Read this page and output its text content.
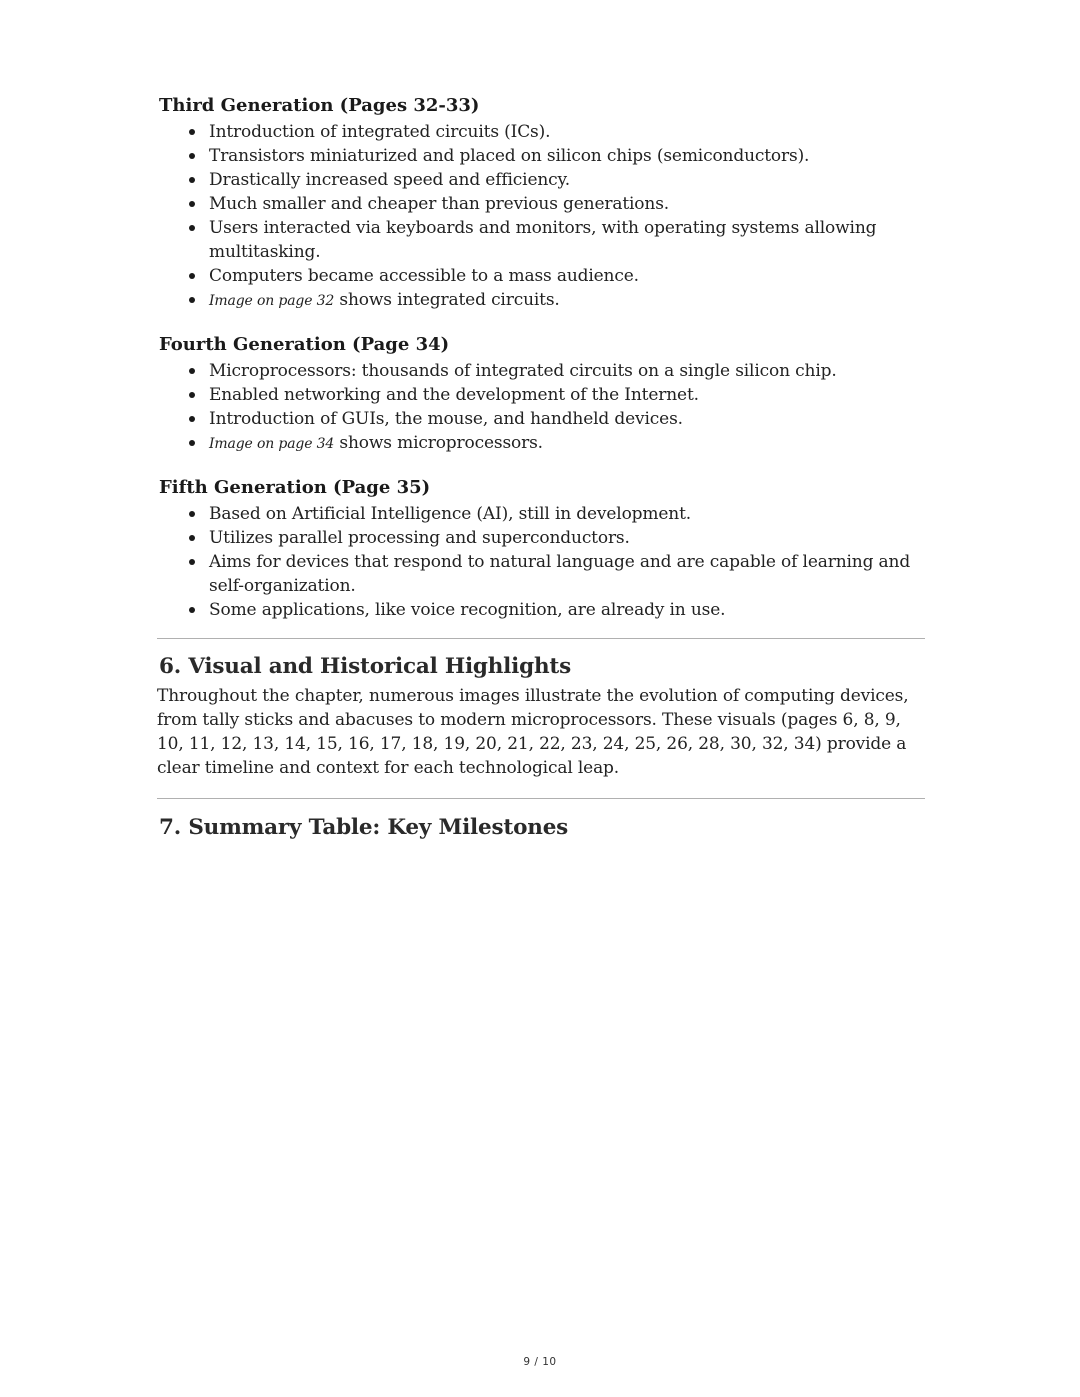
Third Generation (Pages 32-33)
Introduction of integrated circuits (ICs).
Transistors miniaturized and placed on silicon chips (semiconductors).
Drastically increased speed and efficiency.
Much smaller and cheaper than previous generations.
Users interacted via keyboards and monitors, with operating systems allowing multitasking.
Computers became accessible to a mass audience.
Image on page 32 shows integrated circuits.
Fourth Generation (Page 34)
Microprocessors: thousands of integrated circuits on a single silicon chip.
Enabled networking and the development of the Internet.
Introduction of GUIs, the mouse, and handheld devices.
Image on page 34 shows microprocessors.
Fifth Generation (Page 35)
Based on Artificial Intelligence (AI), still in development.
Utilizes parallel processing and superconductors.
Aims for devices that respond to natural language and are capable of learning and self-organization.
Some applications, like voice recognition, are already in use.
6. Visual and Historical Highlights

Throughout the chapter, numerous images illustrate the evolution of computing devices, from tally sticks and abacuses to modern microprocessors. These visuals (pages 6, 8, 9, 10, 11, 12, 13, 14, 15, 16, 17, 18, 19, 20, 21, 22, 23, 24, 25, 26, 28, 30, 32, 34) provide a clear timeline and context for each technological leap.

7. Summary Table: Key Milestones
9 / 10
